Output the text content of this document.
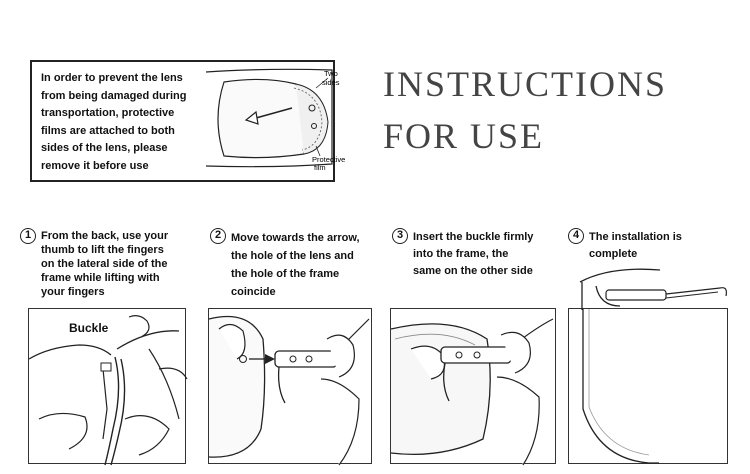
In order to prevent the lens
from being damaged during
transportation, protective
films are attached to both
sides of the lens, please
remove it before use
Two
sides
Protective
film
INSTRUCTIONS
FOR USE
1 From the back, use your
thumb to lift the fingers
on the lateral side of the
frame while lifting with
your fingers
2 Move towards the arrow,
the hole of the lens and
the hole of the frame
coincide
3 Insert the buckle firmly
into the frame, the
same on the other side
4 The installation is
complete
Buckle
